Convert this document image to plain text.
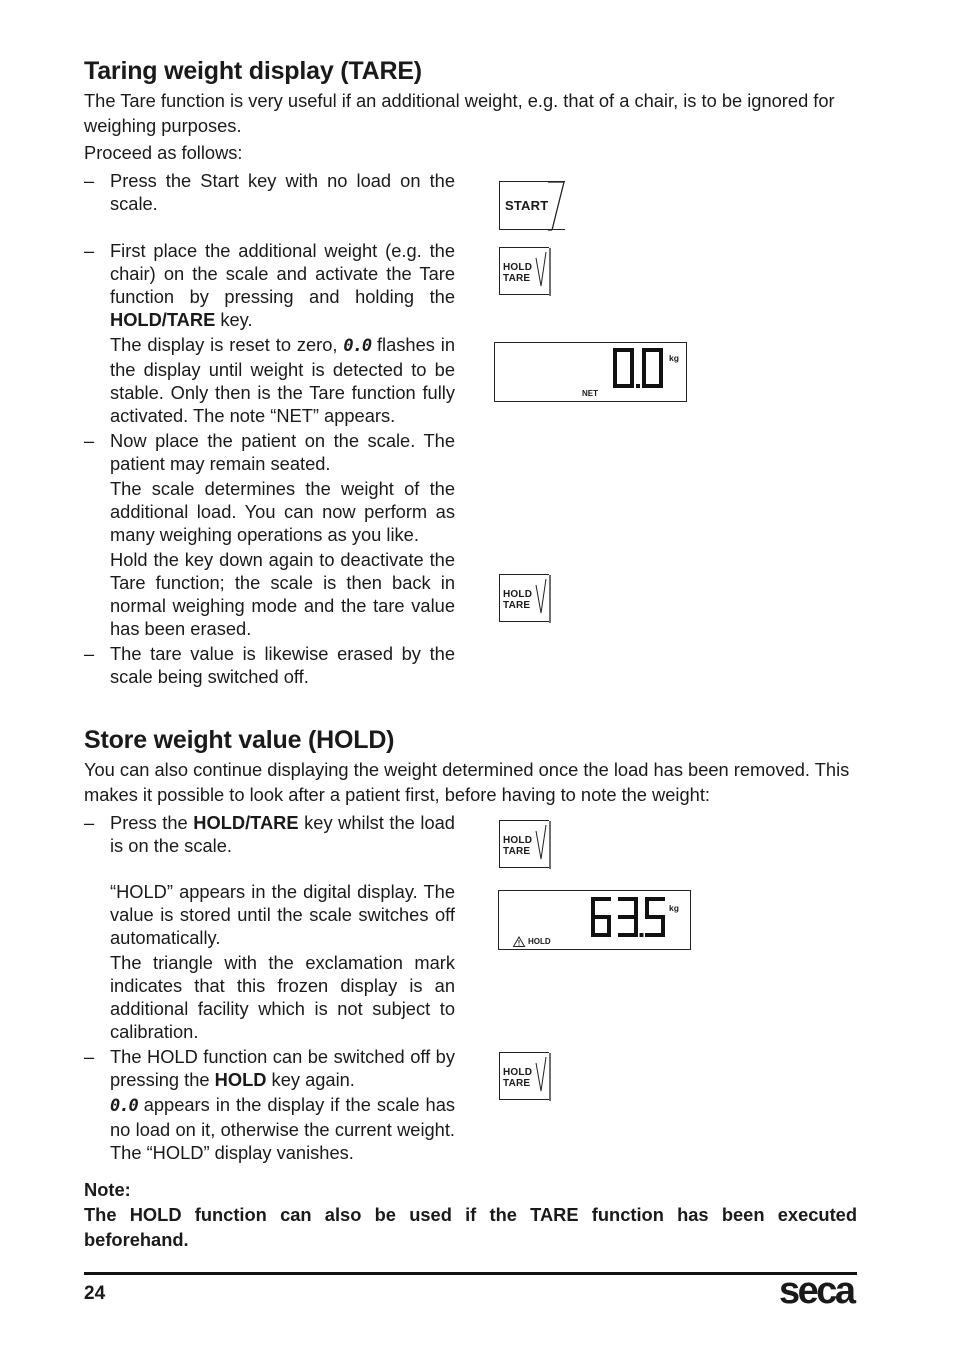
Taring weight display (TARE)

The Tare function is very useful if an additional weight, e.g. that of a chair, is to be ignored for weighing purposes.

Proceed as follows:

– Press the Start key with no load on the scale.
– First place the additional weight (e.g. the chair) on the scale and activate the Tare function by pressing and holding the HOLD/TARE key.
The display is reset to zero, 0.0 flashes in the display until weight is detected to be stable. Only then is the Tare function fully activated. The note “NET” appears.
– Now place the patient on the scale. The patient may remain seated.
The scale determines the weight of the additional load. You can now perform as many weighing operations as you like.
Hold the key down again to deactivate the Tare function; the scale is then back in normal weighing mode and the tare value has been erased.
– The tare value is likewise erased by the scale being switched off.
START
HOLD
TARE
kg
NET
HOLD
TARE
Store weight value (HOLD)

You can also continue displaying the weight determined once the load has been removed. This makes it possible to look after a patient first, before having to note the weight:

– Press the HOLD/TARE key whilst the load is on the scale.
“HOLD” appears in the digital display. The value is stored until the scale switches off automatically.
The triangle with the exclamation mark indicates that this frozen display is an additional facility which is not subject to calibration.
– The HOLD function can be switched off by pressing the HOLD key again.
0.0 appears in the display if the scale has no load on it, otherwise the current weight. The “HOLD” display vanishes.
HOLD
TARE
kg
HOLD
HOLD
TARE

Note:

The HOLD function can also be used if the TARE function has been executed beforehand.

24	seca
